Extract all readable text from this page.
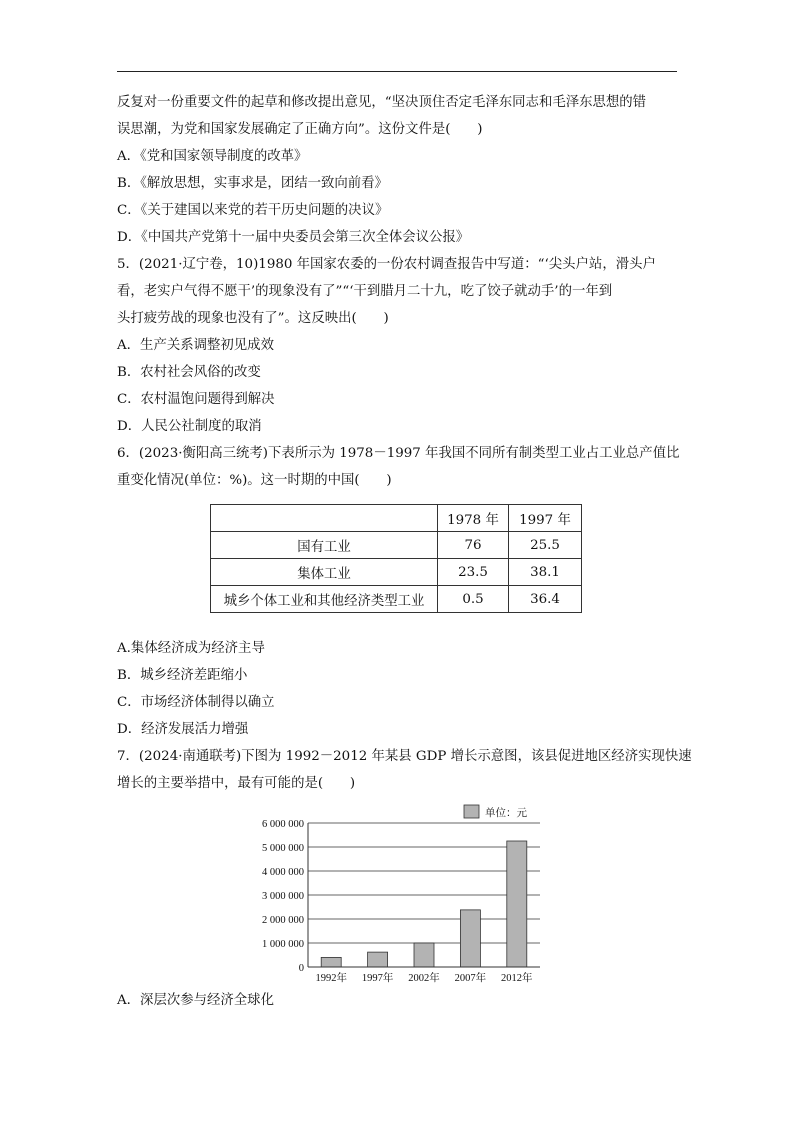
反复对一份重要文件的起草和修改提出意见，“坚决顶住否定毛泽东同志和毛泽东思想的错
误思潮，为党和国家发展确定了正确方向”。这份文件是(　　)
A．《党和国家领导制度的改革》
B．《解放思想，实事求是，团结一致向前看》
C．《关于建国以来党的若干历史问题的决议》
D．《中国共产党第十一届中央委员会第三次全体会议公报》
5．(2021·辽宁卷，10)1980 年国家农委的一份农村调查报告中写道：“‘尖头户站，滑头户
看，老实户气得不愿干’的现象没有了”“‘干到腊月二十九，吃了饺子就动手’的一年到
头打疲劳战的现象也没有了”。这反映出(　　)
A．生产关系调整初见成效
B．农村社会风俗的改变
C．农村温饱问题得到解决
D．人民公社制度的取消
6．(2023·衡阳高三统考)下表所示为 1978－1997 年我国不同所有制类型工业占工业总产值比
重变化情况(单位：%)。这一时期的中国(　　)
	1978 年	1997 年
国有工业	76	25.5
集体工业	23.5	38.1
城乡个体工业和其他经济类型工业	0.5	36.4
A.集体经济成为经济主导
B．城乡经济差距缩小
C．市场经济体制得以确立
D．经济发展活力增强
7．(2024·南通联考)下图为 1992－2012 年某县 GDP 增长示意图，该县促进地区经济实现快速
增长的主要举措中，最有可能的是(　　)
0
1 000 000
2 000 000
3 000 000
4 000 000
5 000 000
6 000 000
1992年 1997年 2002年 2007年 2012年
单位：元
A．深层次参与经济全球化
